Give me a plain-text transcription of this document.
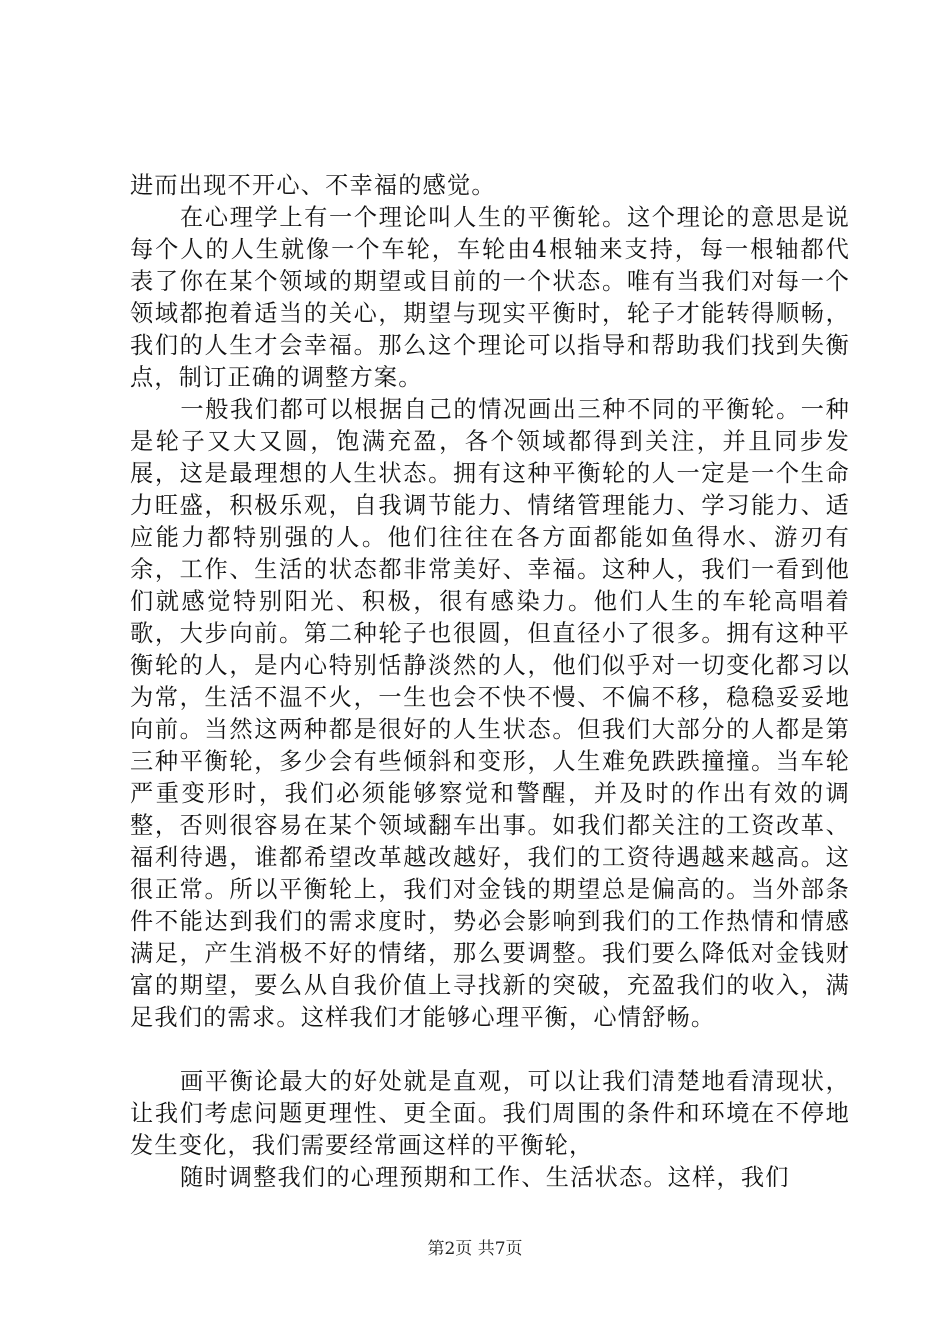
进而出现不开心、不幸福的感觉。

在心理学上有一个理论叫人生的平衡轮。这个理论的意思是说每个人的人生就像一个车轮，车轮由4根轴来支持，每一根轴都代表了你在某个领域的期望或目前的一个状态。唯有当我们对每一个领域都抱着适当的关心，期望与现实平衡时，轮子才能转得顺畅，我们的人生才会幸福。那么这个理论可以指导和帮助我们找到失衡点，制订正确的调整方案。

一般我们都可以根据自己的情况画出三种不同的平衡轮。一种是轮子又大又圆，饱满充盈，各个领域都得到关注，并且同步发展，这是最理想的人生状态。拥有这种平衡轮的人一定是一个生命力旺盛，积极乐观，自我调节能力、情绪管理能力、学习能力、适应能力都特别强的人。他们往往在各方面都能如鱼得水、游刃有余，工作、生活的状态都非常美好、幸福。这种人，我们一看到他们就感觉特别阳光、积极，很有感染力。他们人生的车轮高唱着歌，大步向前。第二种轮子也很圆，但直径小了很多。拥有这种平衡轮的人，是内心特别恬静淡然的人，他们似乎对一切变化都习以为常，生活不温不火，一生也会不快不慢、不偏不移，稳稳妥妥地向前。当然这两种都是很好的人生状态。但我们大部分的人都是第三种平衡轮，多少会有些倾斜和变形，人生难免跌跌撞撞。当车轮严重变形时，我们必须能够察觉和警醒，并及时的作出有效的调整，否则很容易在某个领域翻车出事。如我们都关注的工资改革、福利待遇，谁都希望改革越改越好，我们的工资待遇越来越高。这很正常。所以平衡轮上，我们对金钱的期望总是偏高的。当外部条件不能达到我们的需求度时，势必会影响到我们的工作热情和情感满足，产生消极不好的情绪，那么要调整。我们要么降低对金钱财富的期望，要么从自我价值上寻找新的突破，充盈我们的收入，满足我们的需求。这样我们才能够心理平衡，心情舒畅。

画平衡论最大的好处就是直观，可以让我们清楚地看清现状，让我们考虑问题更理性、更全面。我们周围的条件和环境在不停地发生变化，我们需要经常画这样的平衡轮，

随时调整我们的心理预期和工作、生活状态。这样，我们

第2页 共7页
